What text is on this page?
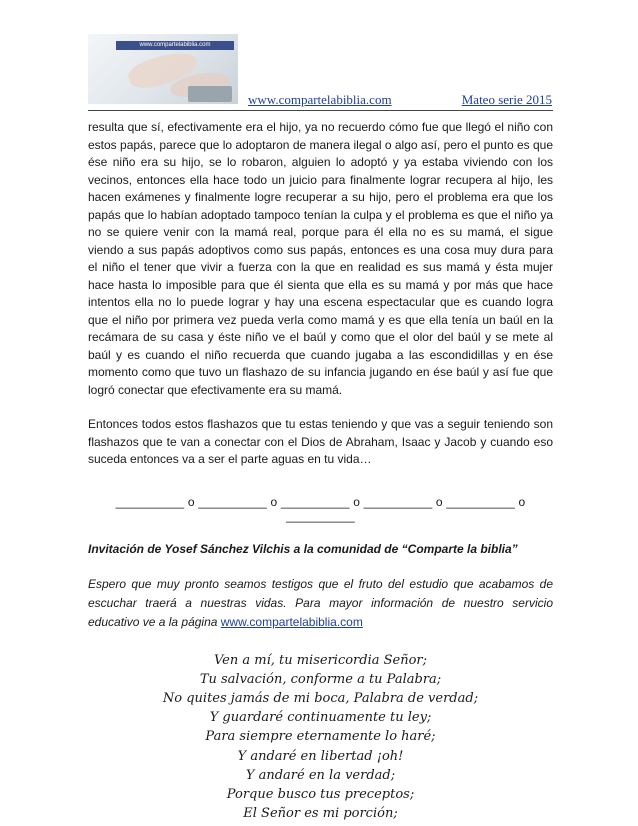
www.compartelabiblia.com
www.compartelabiblia.com	Mateo serie 2015

resulta que sí, efectivamente era el hijo, ya no recuerdo cómo fue que llegó el niño con estos papás, parece que lo adoptaron de manera ilegal o algo así, pero el punto es que ése niño era su hijo, se lo robaron, alguien lo adoptó y ya estaba viviendo con los vecinos, entonces ella hace todo un juicio para finalmente lograr recupera al hijo, les hacen exámenes y finalmente logre recuperar a su hijo, pero el problema era que los papás que lo habían adoptado tampoco tenían la culpa y el problema es que el niño ya no se quiere venir con la mamá real, porque para él ella no es su mamá, el sigue viendo a sus papás adoptivos como sus papás, entonces es una cosa muy dura para el niño el tener que vivir a fuerza con la que en realidad es sus mamá y ésta mujer hace hasta lo imposible para que él sienta que ella es su mamá y por más que hace intentos ella no lo puede lograr y hay una escena espectacular que es cuando logra que el niño por primera vez pueda verla como mamá y es que ella tenía un baúl en la recámara de su casa y éste niño ve el baúl y como que el olor del baúl y se mete al baúl y es cuando el niño recuerda que cuando jugaba a las escondidillas y en ése momento como que tuvo un flashazo de su infancia jugando en ése baúl y así fue que logró conectar que efectivamente era su mamá.

Entonces todos estos flashazos que tu estas teniendo y que vas a seguir teniendo son flashazos que te van a conectar con el Dios de Abraham, Isaac y Jacob y cuando eso suceda entonces va a ser el parte aguas en tu vida…

__________ o __________ o __________ o __________ o __________ o __________
Invitación de Yosef Sánchez Vilchis a la comunidad de “Comparte la biblia”

Espero que muy pronto seamos testigos que el fruto del estudio que acabamos de escuchar traerá a nuestras vidas. Para mayor información de nuestro servicio educativo ve a la página www.compartelabiblia.com

Ven a mí, tu misericordia Señor;
Tu salvación, conforme a tu Palabra;
No quites jamás de mi boca, Palabra de verdad;
Y guardaré continuamente tu ley;
Para siempre eternamente lo haré;
Y andaré en libertad ¡oh!
Y andaré en la verdad;
Porque busco tus preceptos;
El Señor es mi porción;
